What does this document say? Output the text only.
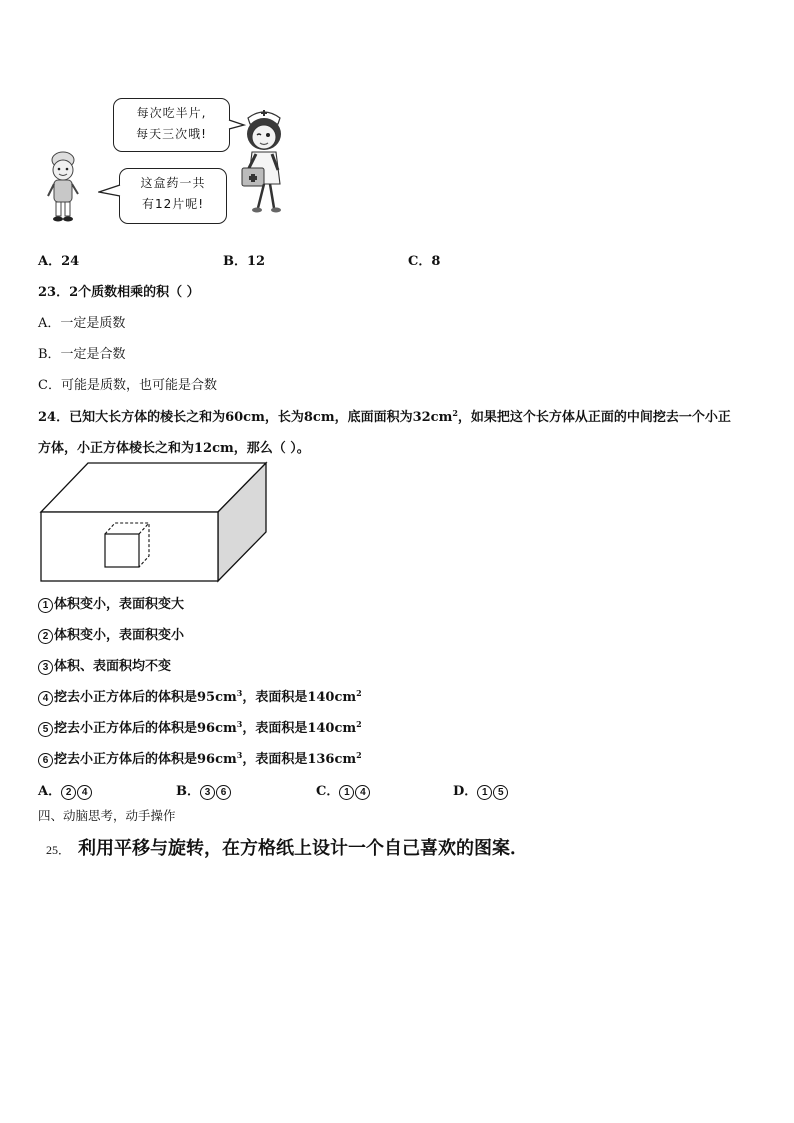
这盒药一共
有12片呢!
每次吃半片,
每天三次哦!
A．24	B．12	C．8
23．2个质数相乘的积（ ）
A．一定是质数
B．一定是合数
C．可能是质数，也可能是合数
24．已知大长方体的棱长之和为60cm，长为8cm，底面面积为$32cm^2$，如果把这个长方体从正面的中间挖去一个小正
方体，小正方体棱长之和为12cm，那么（ ）。
1 体积变小，表面积变大
2 体积变小，表面积变小
3 体积、表面积均不变
4 挖去小正方体后的体积是$95cm^3$，表面积是$140cm^2$
5 挖去小正方体后的体积是$96cm^3$，表面积是$140cm^2$
6 挖去小正方体后的体积是$96cm^3$，表面积是$136cm^2$
A． 2 4	B． 3 6	C． 1 4	D． 1 5
四、动脑思考，动手操作
25． 利用平移与旋转，在方格纸上设计一个自己喜欢的图案．
